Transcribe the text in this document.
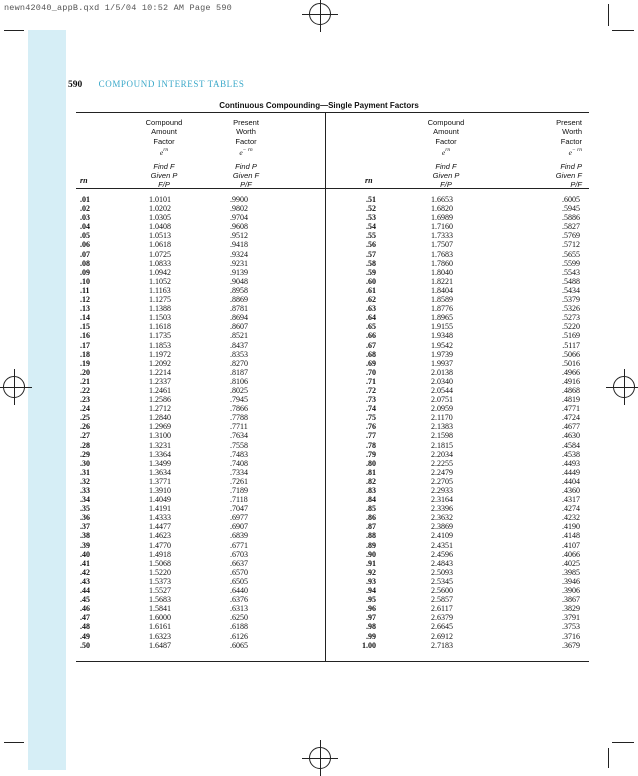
newn42040_appB.qxd 1/5/04 10:52 AM Page 590
590 COMPOUND INTEREST TABLES
Continuous Compounding—Single Payment Factors
rn	rn
Compound
Amount
Factor
$e^{rn}$
Find F
Given P
F/P
Present
Worth
Factor
$e^{- rn}$
Find P
Given F
P/F
Compound
Amount
Factor
$e^{rn}$
Find F
Given P
F/P
Present
Worth
Factor
$e^{- rn}$
Find P
Given F
P/F
.01
.02
.03
.04
.05
.06
.07
.08
.09
.10
.11
.12
.13
.14
.15
.16
.17
.18
.19
.20
.21
.22
.23
.24
.25
.26
.27
.28
.29
.30
.31
.32
.33
.34
.35
.36
.37
.38
.39
.40
.41
.42
.43
.44
.45
.46
.47
.48
.49
.50
1.0101
1.0202
1.0305
1.0408
1.0513
1.0618
1.0725
1.0833
1.0942
1.1052
1.1163
1.1275
1.1388
1.1503
1.1618
1.1735
1.1853
1.1972
1.2092
1.2214
1.2337
1.2461
1.2586
1.2712
1.2840
1.2969
1.3100
1.3231
1.3364
1.3499
1.3634
1.3771
1.3910
1.4049
1.4191
1.4333
1.4477
1.4623
1.4770
1.4918
1.5068
1.5220
1.5373
1.5527
1.5683
1.5841
1.6000
1.6161
1.6323
1.6487
.9900
.9802
.9704
.9608
.9512
.9418
.9324
.9231
.9139
.9048
.8958
.8869
.8781
.8694
.8607
.8521
.8437
.8353
.8270
.8187
.8106
.8025
.7945
.7866
.7788
.7711
.7634
.7558
.7483
.7408
.7334
.7261
.7189
.7118
.7047
.6977
.6907
.6839
.6771
.6703
.6637
.6570
.6505
.6440
.6376
.6313
.6250
.6188
.6126
.6065
.51
.52
.53
.54
.55
.56
.57
.58
.59
.60
.61
.62
.63
.64
.65
.66
.67
.68
.69
.70
.71
.72
.73
.74
.75
.76
.77
.78
.79
.80
.81
.82
.83
.84
.85
.86
.87
.88
.89
.90
.91
.92
.93
.94
.95
.96
.97
.98
.99
1.00
1.6653
1.6820
1.6989
1.7160
1.7333
1.7507
1.7683
1.7860
1.8040
1.8221
1.8404
1.8589
1.8776
1.8965
1.9155
1.9348
1.9542
1.9739
1.9937
2.0138
2.0340
2.0544
2.0751
2.0959
2.1170
2.1383
2.1598
2.1815
2.2034
2.2255
2.2479
2.2705
2.2933
2.3164
2.3396
2.3632
2.3869
2.4109
2.4351
2.4596
2.4843
2.5093
2.5345
2.5600
2.5857
2.6117
2.6379
2.6645
2.6912
2.7183
.6005
.5945
.5886
.5827
.5769
.5712
.5655
.5599
.5543
.5488
.5434
.5379
.5326
.5273
.5220
.5169
.5117
.5066
.5016
.4966
.4916
.4868
.4819
.4771
.4724
.4677
.4630
.4584
.4538
.4493
.4449
.4404
.4360
.4317
.4274
.4232
.4190
.4148
.4107
.4066
.4025
.3985
.3946
.3906
.3867
.3829
.3791
.3753
.3716
.3679
